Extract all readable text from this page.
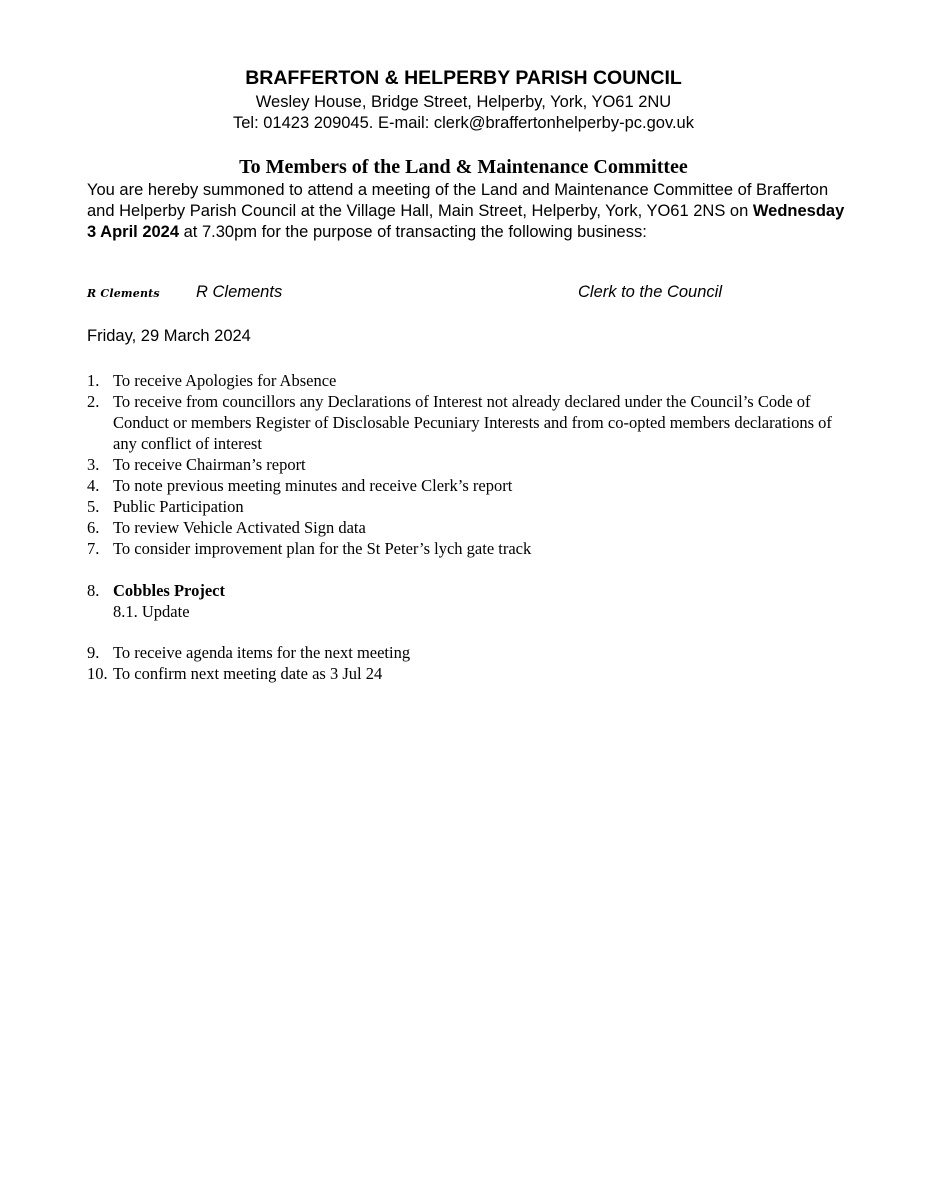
BRAFFERTON & HELPERBY PARISH COUNCIL
Wesley House, Bridge Street, Helperby, York, YO61 2NU
Tel: 01423 209045. E-mail: clerk@braffertonhelperby-pc.gov.uk
To Members of the Land & Maintenance Committee
You are hereby summoned to attend a meeting of the Land and Maintenance Committee of Brafferton and Helperby Parish Council at the Village Hall, Main Street, Helperby, York, YO61 2NS on Wednesday 3 April 2024 at 7.30pm for the purpose of transacting the following business:
R Clements R Clements	Clerk to the Council
Friday, 29 March 2024
1. To receive Apologies for Absence
2. To receive from councillors any Declarations of Interest not already declared under the Council’s Code of Conduct or members Register of Disclosable Pecuniary Interests and from co-opted members declarations of any conflict of interest
3. To receive Chairman’s report
4. To note previous meeting minutes and receive Clerk’s report
5. Public Participation
6. To review Vehicle Activated Sign data
7. To consider improvement plan for the St Peter’s lych gate track
8. Cobbles Project
8.1. Update
9. To receive agenda items for the next meeting
10. To confirm next meeting date as 3 Jul 24
